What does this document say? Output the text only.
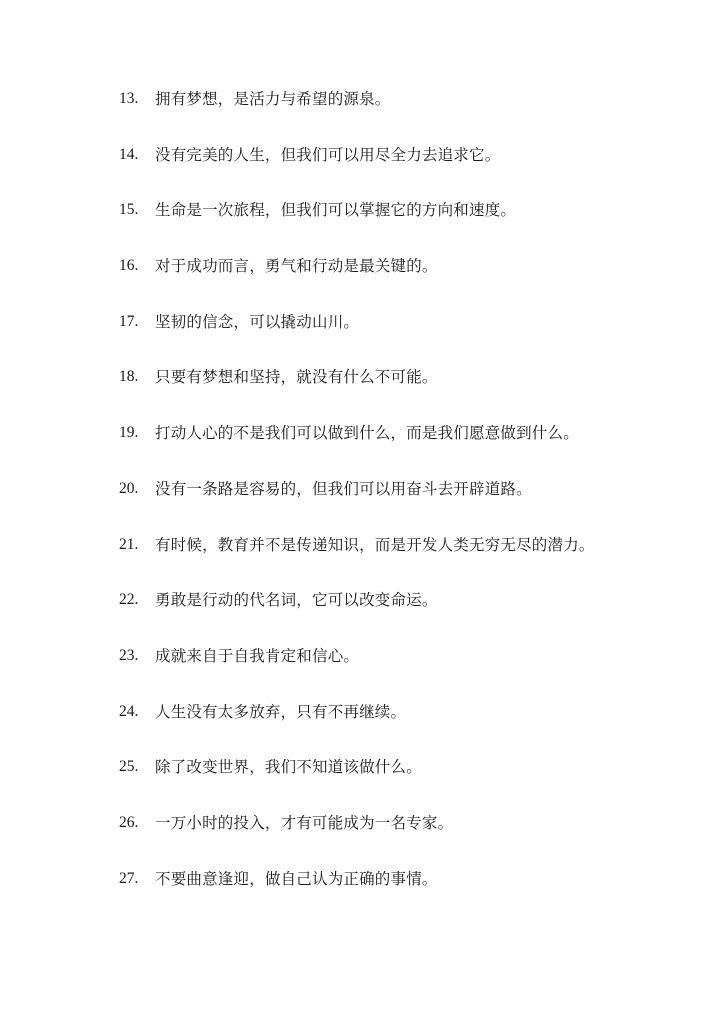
13.	拥有梦想，是活力与希望的源泉。
14.	没有完美的人生，但我们可以用尽全力去追求它。
15.	生命是一次旅程，但我们可以掌握它的方向和速度。
16.	对于成功而言，勇气和行动是最关键的。
17.	坚韧的信念，可以撬动山川。
18.	只要有梦想和坚持，就没有什么不可能。
19.	打动人心的不是我们可以做到什么，而是我们愿意做到什么。
20.	没有一条路是容易的，但我们可以用奋斗去开辟道路。
21.	有时候，教育并不是传递知识，而是开发人类无穷无尽的潜力。
22.	勇敢是行动的代名词，它可以改变命运。
23.	成就来自于自我肯定和信心。
24.	人生没有太多放弃，只有不再继续。
25.	除了改变世界，我们不知道该做什么。
26.	一万小时的投入，才有可能成为一名专家。
27.	不要曲意逢迎，做自己认为正确的事情。
